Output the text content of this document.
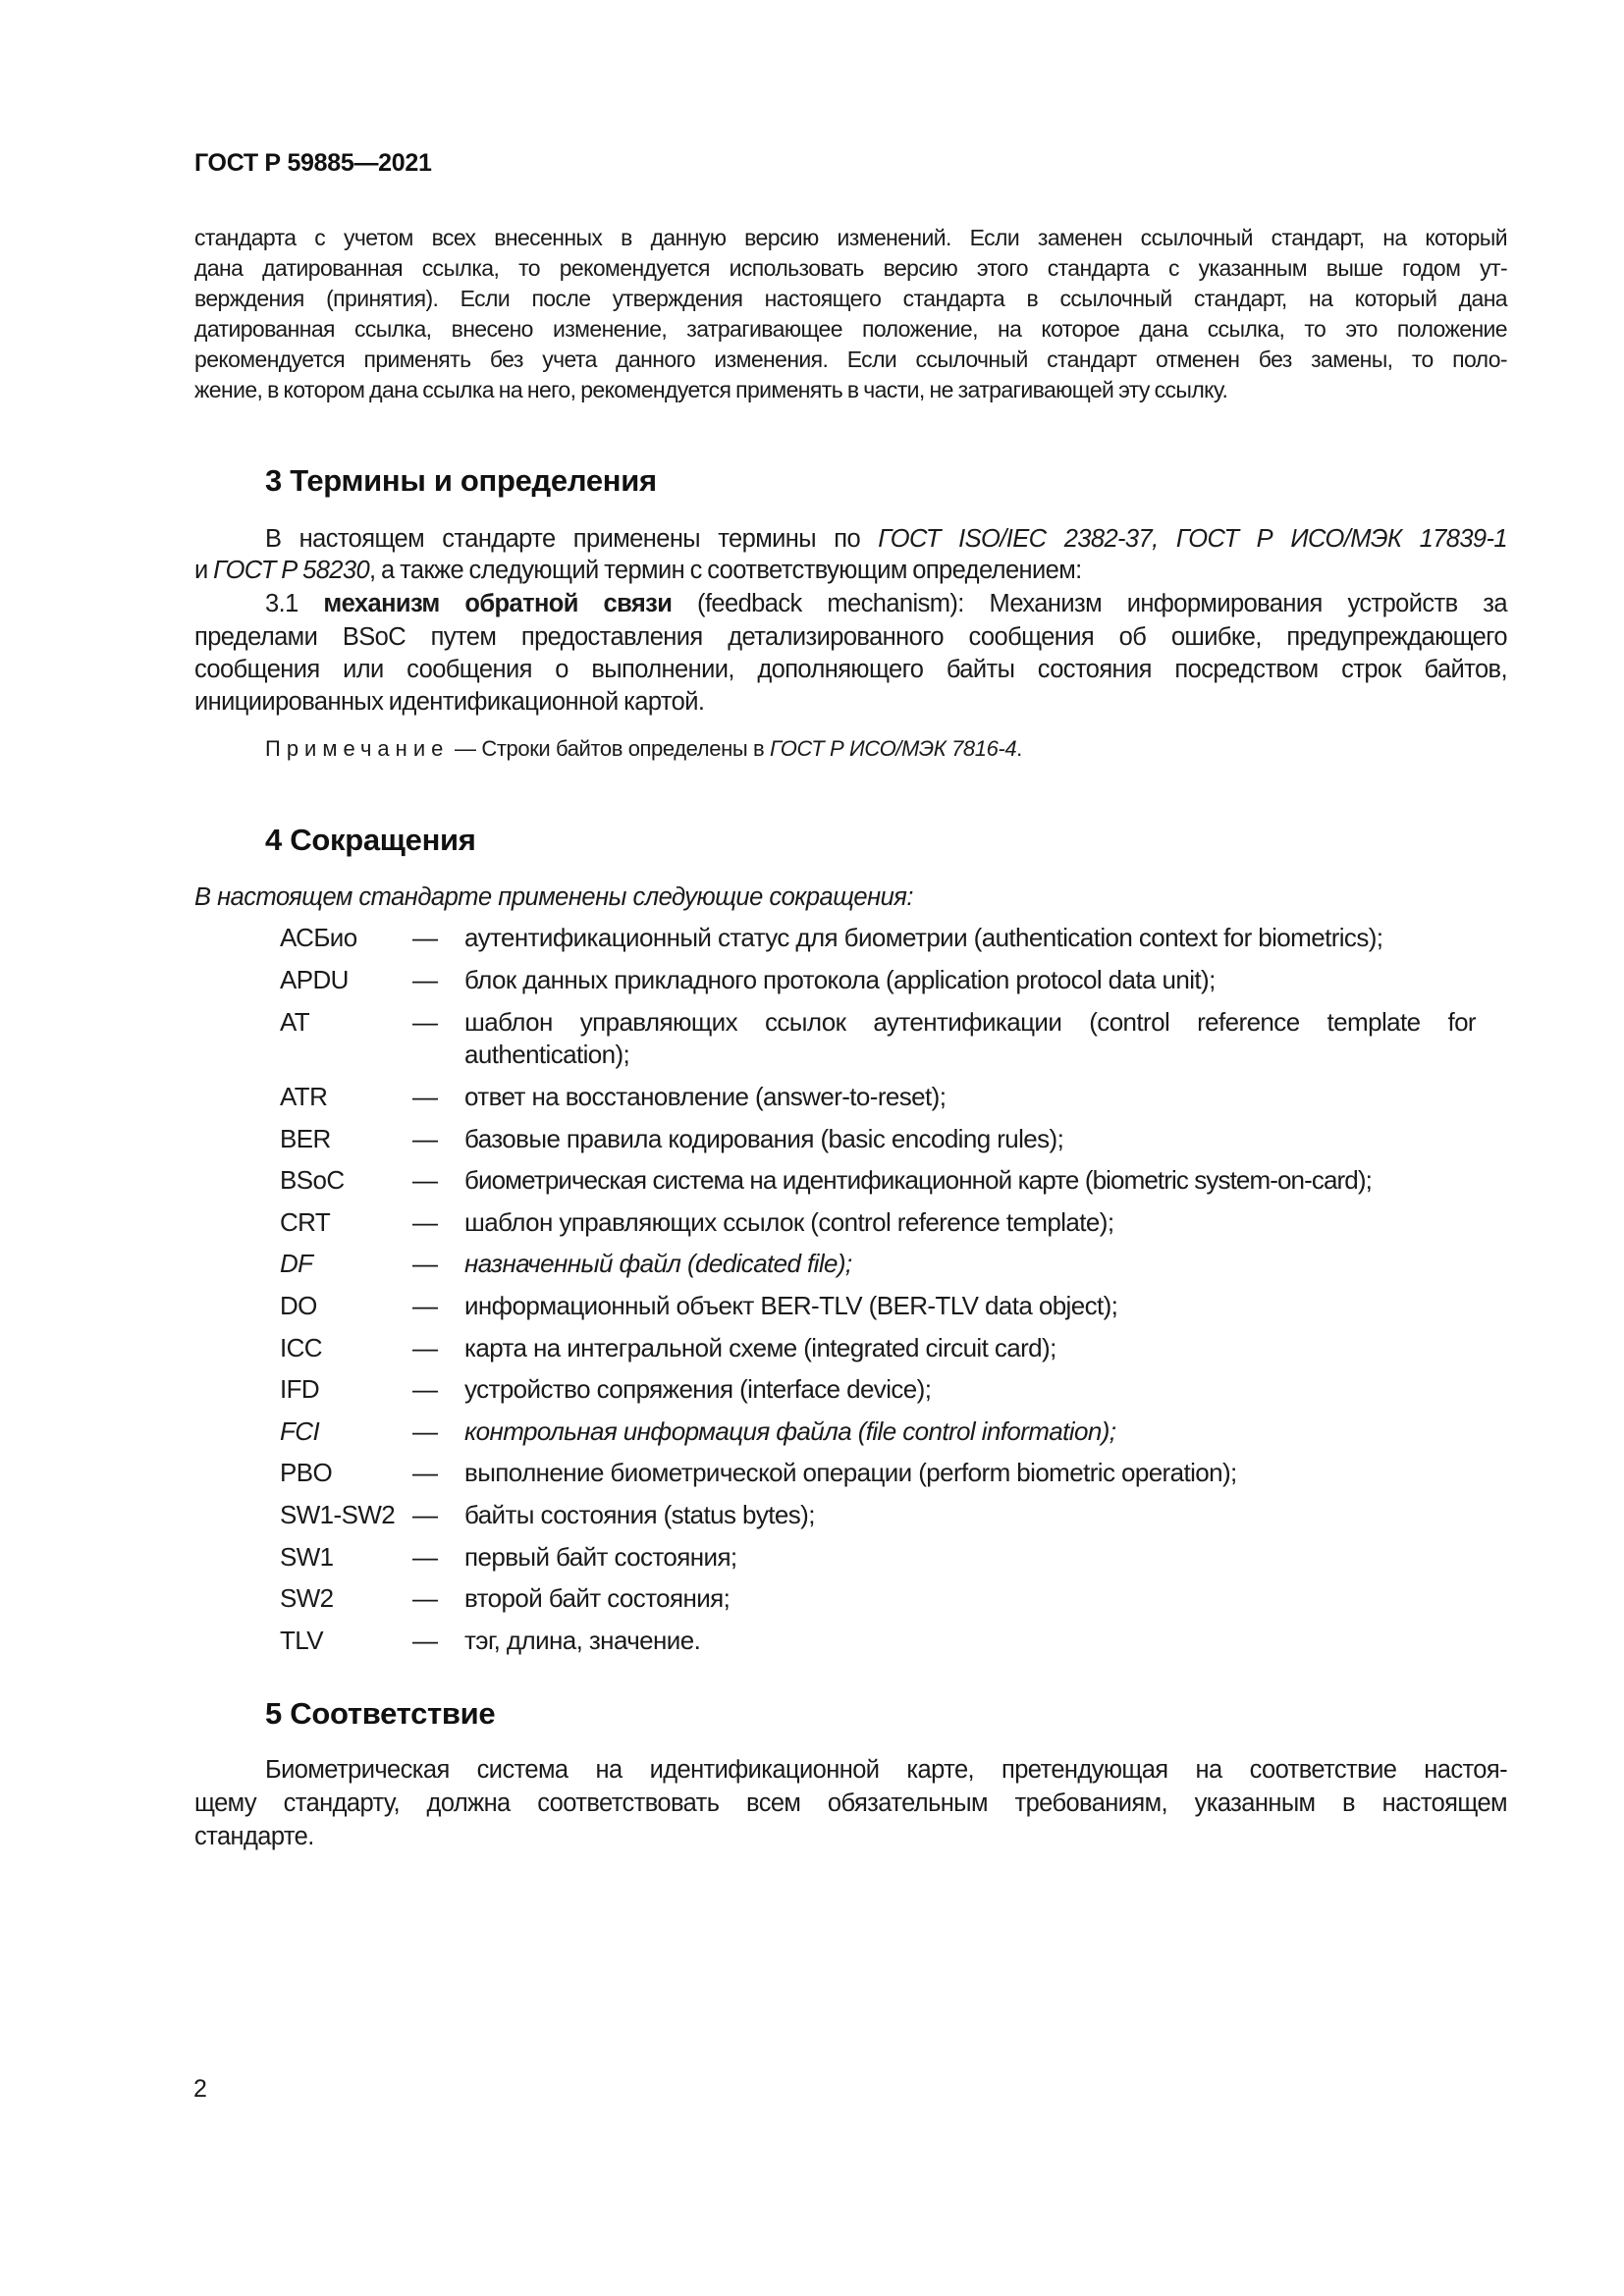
ГОСТ Р 59885—2021
стандарта с учетом всех внесенных в данную версию изменений. Если заменен ссылочный стандарт, на который
дана датированная ссылка, то рекомендуется использовать версию этого стандарта с указанным выше годом ут-
верждения (принятия). Если после утверждения настоящего стандарта в ссылочный стандарт, на который дана
датированная ссылка, внесено изменение, затрагивающее положение, на которое дана ссылка, то это положение
рекомендуется применять без учета данного изменения. Если ссылочный стандарт отменен без замены, то поло-
жение, в котором дана ссылка на него, рекомендуется применять в части, не затрагивающей эту ссылку.
3 Термины и определения
В настоящем стандарте применены термины по ГОСТ ISO/IEC 2382-37, ГОСТ Р ИСО/МЭК 17839-1
и ГОСТ Р 58230, а также следующий термин с соответствующим определением:
3.1 механизм обратной связи (feedback mechanism): Механизм информирования устройств за
пределами BSoC путем предоставления детализированного сообщения об ошибке, предупреждающего
сообщения или сообщения о выполнении, дополняющего байты состояния посредством строк байтов,
инициированных идентификационной картой.
Примечание — Строки байтов определены в ГОСТ Р ИСО/МЭК 7816-4.
4 Сокращения
В настоящем стандарте применены следующие сокращения:
АСБио — аутентификационный статус для биометрии (authentication context for biometrics);
APDU	— блок данных прикладного протокола (application protocol data unit);
AT	— шаблон управляющих ссылок аутентификации (control reference template for
authentication);
ATR	— ответ на восстановление (answer-to-reset);
BER	— базовые правила кодирования (basic encoding rules);
BSoC	— биометрическая система на идентификационной карте (biometric system-on-card);
CRT	— шаблон управляющих ссылок (control reference template);
DF	— назначенный файл (dedicated file);
DO	— информационный объект BER-TLV (BER-TLV data object);
ICC	— карта на интегральной схеме (integrated circuit card);
IFD	— устройство сопряжения (interface device);
FCI	— контрольная информация файла (file control information);
PBO	— выполнение биометрической операции (perform biometric operation);
SW1-SW2 — байты состояния (status bytes);
SW1	— первый байт состояния;
SW2	— второй байт состояния;
TLV	— тэг, длина, значение.
5 Соответствие
Биометрическая система на идентификационной карте, претендующая на соответствие настоя-
щему стандарту, должна соответствовать всем обязательным требованиям, указанным в настоящем
стандарте.
2
